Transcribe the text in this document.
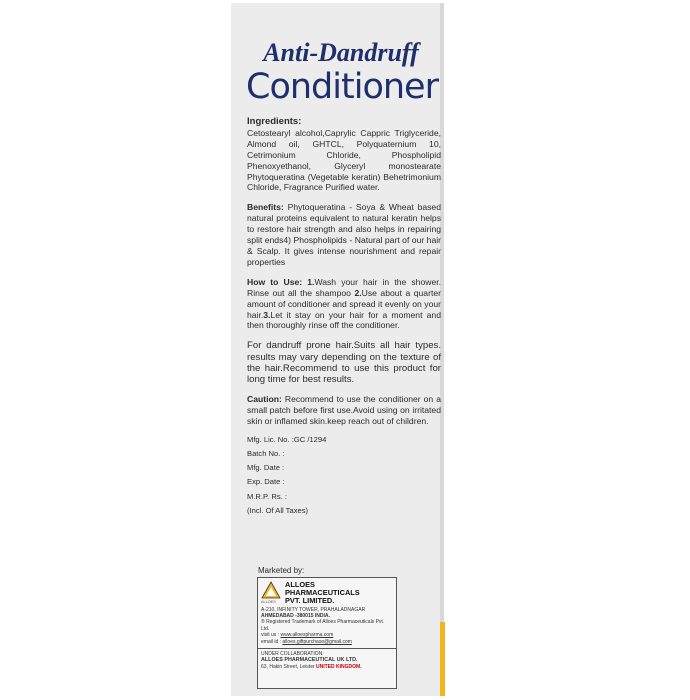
Anti-Dandruff
Conditioner

Ingredients:

Cetostearyl alcohol,Caprylic Cappric Triglyceride, Almond oil, GHTCL, Polyquaternium 10, Cetrimonium Chloride, Phospholipid Phenoxyethanol, Glyceryl monostearate Phytoqueratina (Vegetable keratin) Behetrimonium Chloride, Fragrance Purified water.

Benefits: Phytoqueratina - Soya & Wheat based natural proteins equivalent to natural keratin helps to restore hair strength and also helps in repairing split ends4) Phospholipids - Natural part of our hair & Scalp. It gives intense nourishment and repair properties

How to Use: 1.Wash your hair in the shower. Rinse out all the shampoo 2.Use about a quarter amount of conditioner and spread it evenly on your hair.3.Let it stay on your hair for a moment and then thoroughly rinse off the conditioner.

For dandruff prone hair.Suits all hair types. results may vary depending on the texture of the hair.Recommend to use this product for long time for best results.

Caution: Recommend to use the conditioner on a small patch before first use.Avoid using on irritated skin or inflamed skin.keep reach out of children.

Mfg. Lic. No. :GC /1294
Batch No. :
Mfg. Date :
Exp. Date :
M.R.P. Rs. :
(Incl. Of All Taxes)
Marketed by:
ALLOES
ALLOES
PHARMACEUTICALS
PVT. LIMITED.
A-210, INFINITY TOWER, PRAHALADNAGAR
AHMEDABAD -380015 INDIA.
® Registered Trademark of Alloes Pharmaceuticals Pvt. Ltd.
visit us : www.alloespharma.com
email id : alloes.giftpurchase@gmail.com
UNDER COLLABORATION:
ALLOES PHARMACEUTICAL UK LTD.
63, Hakin Street, Leister UNITED KINGDOM.
